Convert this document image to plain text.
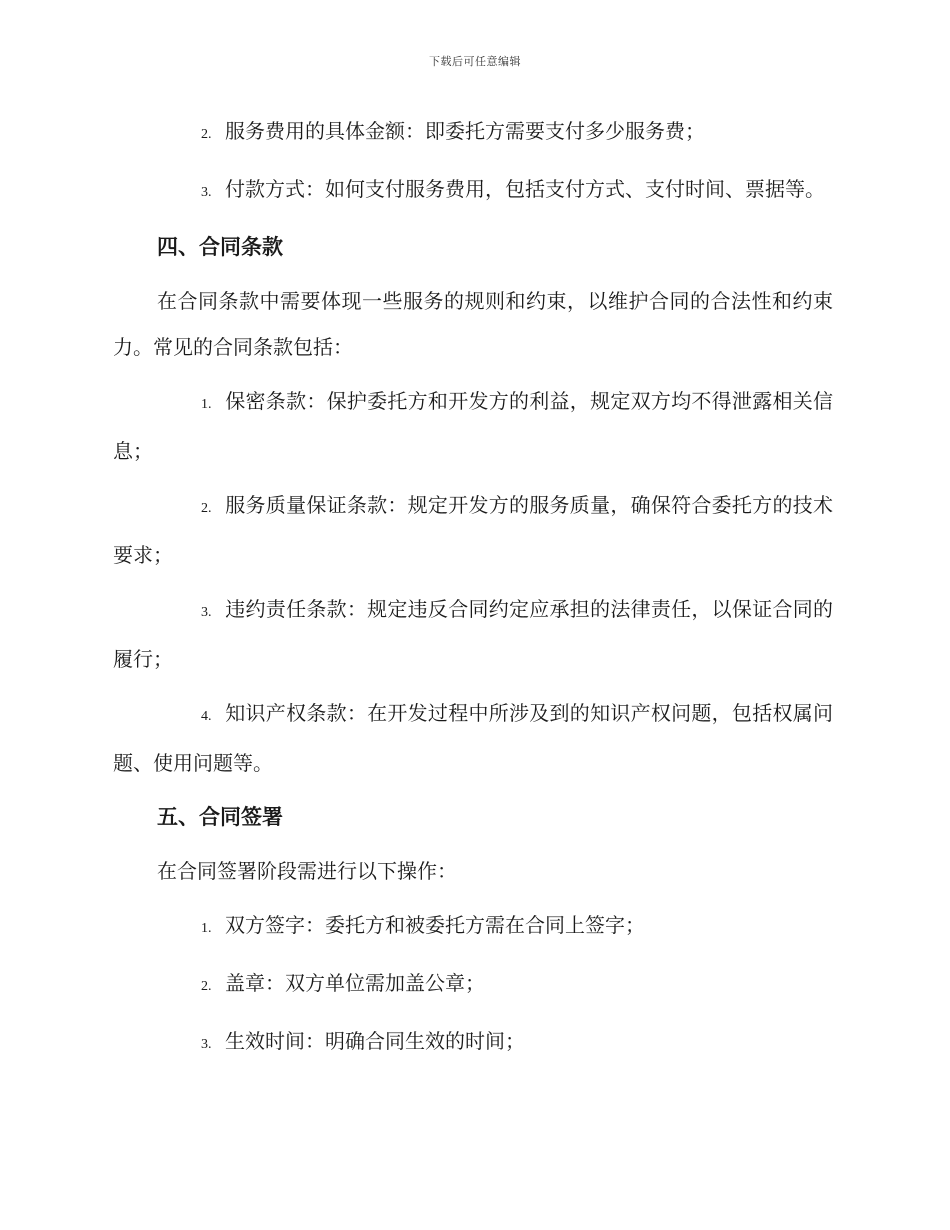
下载后可任意编辑
2. 服务费用的具体金额：即委托方需要支付多少服务费；
3. 付款方式：如何支付服务费用，包括支付方式、支付时间、票据等。
四、合同条款
在合同条款中需要体现一些服务的规则和约束，以维护合同的合法性和约束力。常见的合同条款包括：
1. 保密条款：保护委托方和开发方的利益，规定双方均不得泄露相关信息；
2. 服务质量保证条款：规定开发方的服务质量，确保符合委托方的技术要求；
3. 违约责任条款：规定违反合同约定应承担的法律责任，以保证合同的履行；
4. 知识产权条款：在开发过程中所涉及到的知识产权问题，包括权属问题、使用问题等。
五、合同签署
在合同签署阶段需进行以下操作：
1. 双方签字：委托方和被委托方需在合同上签字；
2. 盖章：双方单位需加盖公章；
3. 生效时间：明确合同生效的时间；
